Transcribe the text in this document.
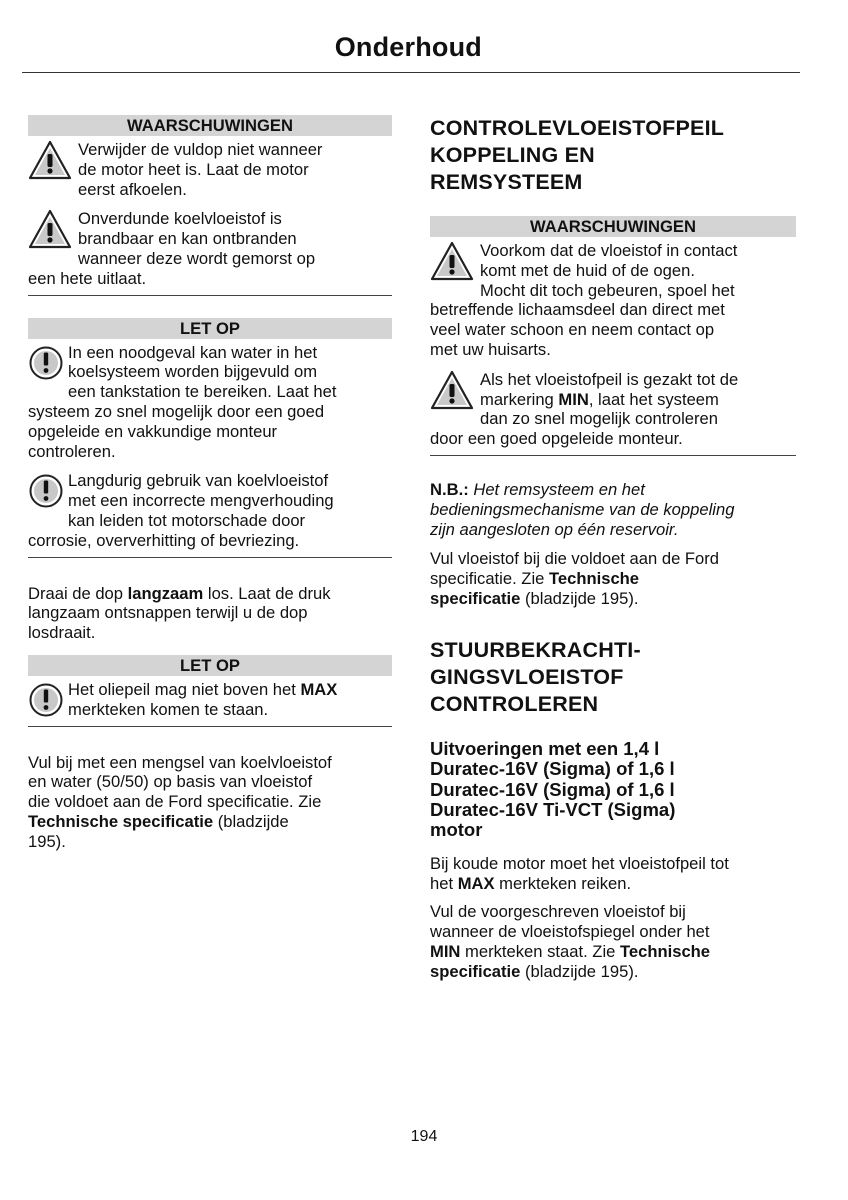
Onderhoud
WAARSCHUWINGEN

Verwijder de vuldop niet wanneer

de motor heet is. Laat de motor

eerst afkoelen.

Onverdunde koelvloeistof is

brandbaar en kan ontbranden

wanneer deze wordt gemorst op

een hete uitlaat.

LET OP

In een noodgeval kan water in het

koelsysteem worden bijgevuld om

een tankstation te bereiken. Laat het

systeem zo snel mogelijk door een goed

opgeleide en vakkundige monteur

controleren.

Langdurig gebruik van koelvloeistof

met een incorrecte mengverhouding

kan leiden tot motorschade door

corrosie, oververhitting of bevriezing.

Draai de dop langzaam los. Laat de druk

langzaam ontsnappen terwijl u de dop

losdraait.

LET OP

Het oliepeil mag niet boven het MAX

merkteken komen te staan.

Vul bij met een mengsel van koelvloeistof

en water (50/50) op basis van vloeistof

die voldoet aan de Ford specificatie. Zie

Technische specificatie (bladzijde

195).

CONTROLEVLOEISTOFPEIL

KOPPELING EN

REMSYSTEEM

WAARSCHUWINGEN

Voorkom dat de vloeistof in contact

komt met de huid of de ogen.

Mocht dit toch gebeuren, spoel het

betreffende lichaamsdeel dan direct met

veel water schoon en neem contact op

met uw huisarts.

Als het vloeistofpeil is gezakt tot de

markering MIN, laat het systeem

dan zo snel mogelijk controleren

door een goed opgeleide monteur.

N.B.: Het remsysteem en het

bedieningsmechanisme van de koppeling

zijn aangesloten op één reservoir.

Vul vloeistof bij die voldoet aan de Ford

specificatie. Zie Technische

specificatie (bladzijde 195).

STUURBEKRACHTI-

GINGSVLOEISTOF

CONTROLEREN

Uitvoeringen met een 1,4 l

Duratec-16V (Sigma) of 1,6 l

Duratec-16V (Sigma) of 1,6 l

Duratec-16V Ti-VCT (Sigma)

motor

Bij koude motor moet het vloeistofpeil tot

het MAX merkteken reiken.

Vul de voorgeschreven vloeistof bij

wanneer de vloeistofspiegel onder het

MIN merkteken staat. Zie Technische

specificatie (bladzijde 195).

194
